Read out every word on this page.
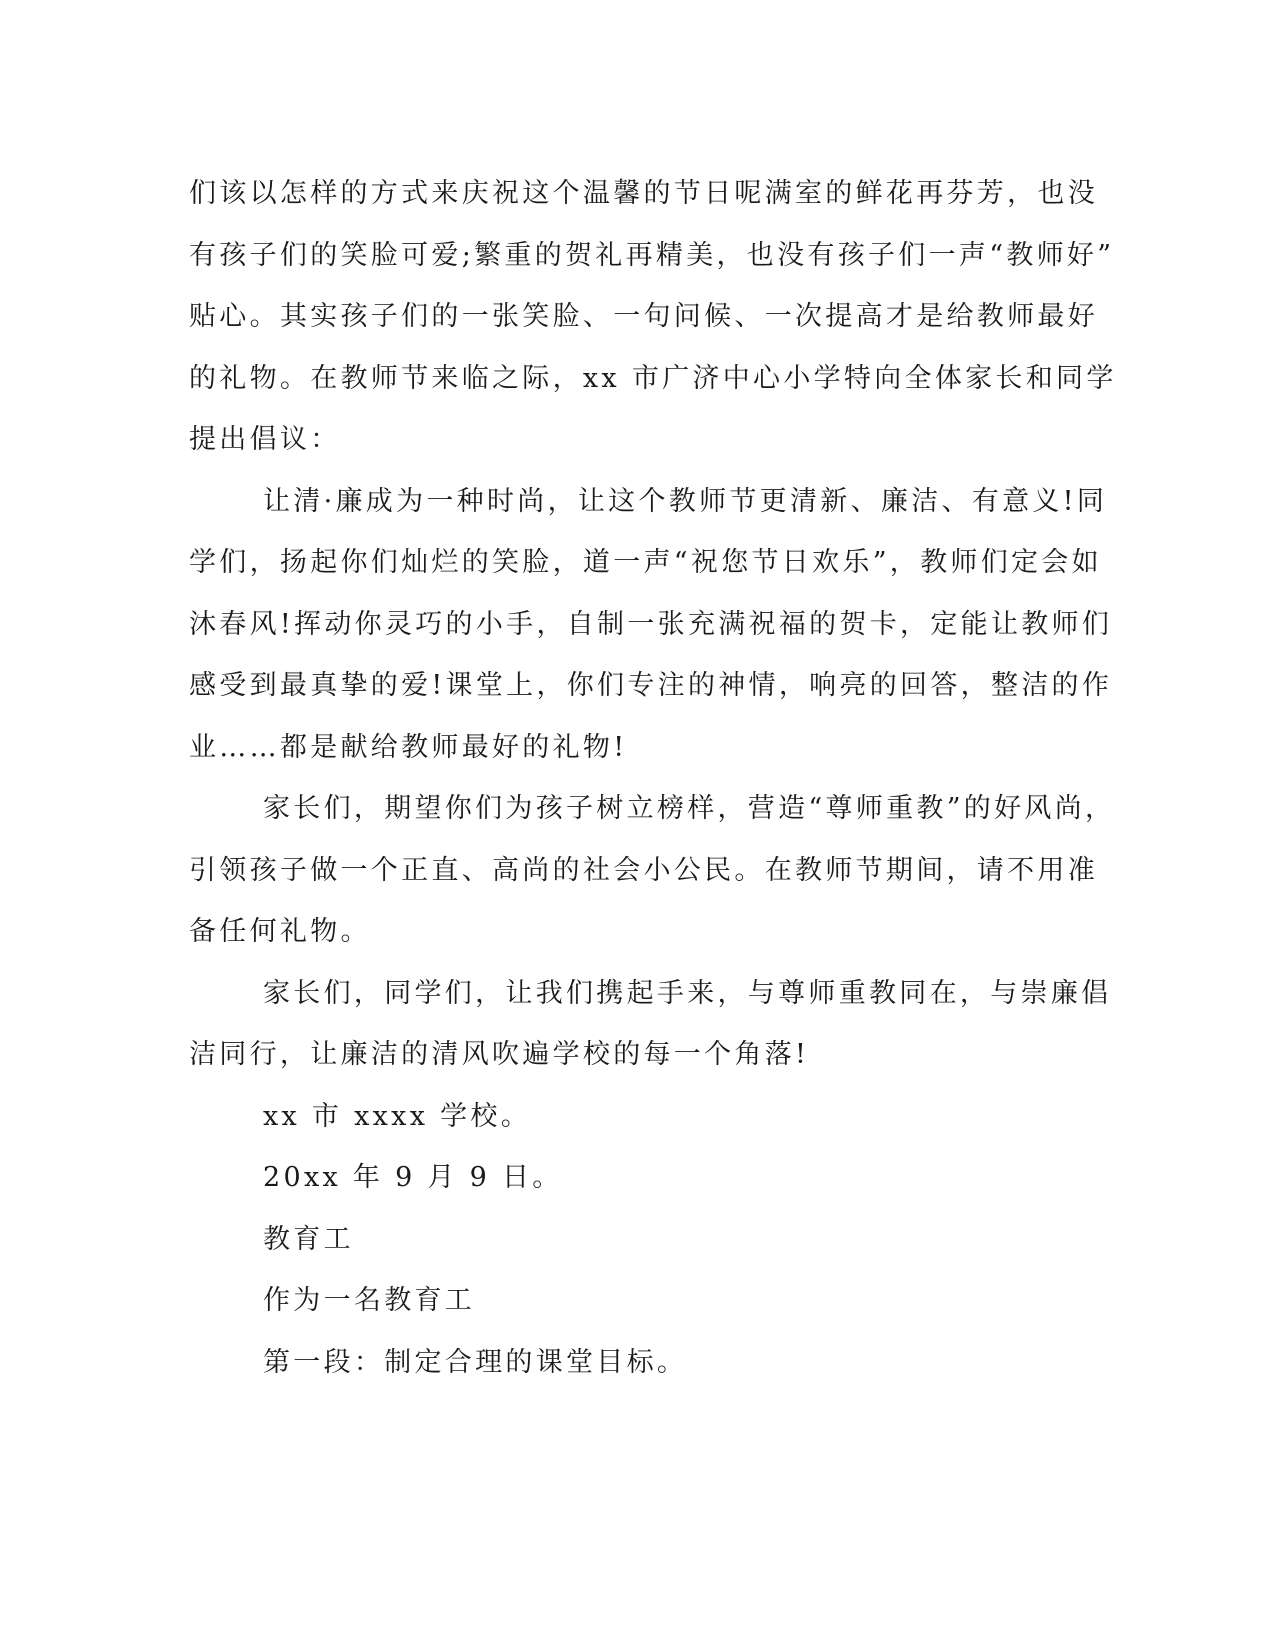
们该以怎样的方式来庆祝这个温馨的节日呢满室的鲜花再芬芳，也没
有孩子们的笑脸可爱;繁重的贺礼再精美，也没有孩子们一声“教师好”
贴心。其实孩子们的一张笑脸、一句问候、一次提高才是给教师最好
的礼物。在教师节来临之际，xx 市广济中心小学特向全体家长和同学
提出倡议：
让清·廉成为一种时尚，让这个教师节更清新、廉洁、有意义!同
学们，扬起你们灿烂的笑脸，道一声“祝您节日欢乐”，教师们定会如
沐春风!挥动你灵巧的小手，自制一张充满祝福的贺卡，定能让教师们
感受到最真挚的爱!课堂上，你们专注的神情，响亮的回答，整洁的作
业……都是献给教师最好的礼物!
家长们，期望你们为孩子树立榜样，营造“尊师重教”的好风尚，
引领孩子做一个正直、高尚的社会小公民。在教师节期间，请不用准
备任何礼物。
家长们，同学们，让我们携起手来，与尊师重教同在，与崇廉倡
洁同行，让廉洁的清风吹遍学校的每一个角落!
xx 市 xxxx 学校。
20xx 年 9 月 9 日。
教育工
作为一名教育工
第一段：制定合理的课堂目标。
